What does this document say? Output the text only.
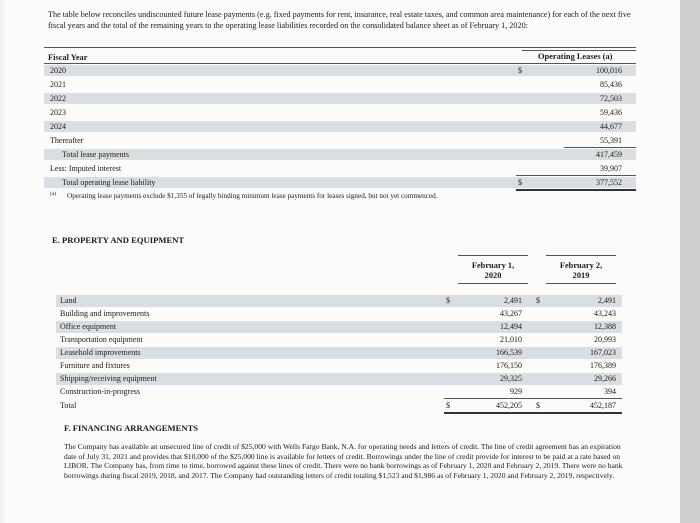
The table below reconciles undiscounted future lease payments (e.g. fixed payments for rent, insurance, real estate taxes, and common area maintenance) for each of the next five fiscal years and the total of the remaining years to the operating lease liabilities recorded on the consolidated balance sheet as of February 1, 2020:
Fiscal Year	Operating Leases (a)
$
2020	100,016
2021	85,436
2022	72,503
2023	59,436
2024	44,677
Thereafter	55,391
Total lease payments	417,459
Less: Imputed interest	39,907
Total operating lease liability	$	377,552
(a) Operating lease payments exclude $1,355 of legally binding minimum lease payments for leases signed, but not yet commenced.
E. PROPERTY AND EQUIPMENT
February 1,
2020
February 2,
2019
$	$
Land	2,491	2,491
Building and improvements	43,267	43,243
Office equipment	12,494	12,388
Transportation equipment	21,010	20,993
Leasehold improvements	166,539	167,023
Furniture and fixtures	176,150	176,389
Shipping/receiving equipment	29,325	29,266
Construction-in-progress	929	394
Total	$	452,205 $	452,187
F. FINANCING ARRANGEMENTS
The Company has available an unsecured line of credit of $25,000 with Wells Fargo Bank, N.A. for operating needs and letters of credit. The line of credit agreement has an expiration date of July 31, 2021 and provides that $10,000 of the $25,000 line is available for letters of credit. Borrowings under the line of credit provide for interest to be paid at a rate based on LIBOR. The Company has, from time to time, borrowed against these lines of credit. There were no bank borrowings as of February 1, 2020 and February 2, 2019. There were no bank borrowings during fiscal 2019, 2018, and 2017. The Company had outstanding letters of credit totaling $1,523 and $1,986 as of February 1, 2020 and February 2, 2019, respectively.
